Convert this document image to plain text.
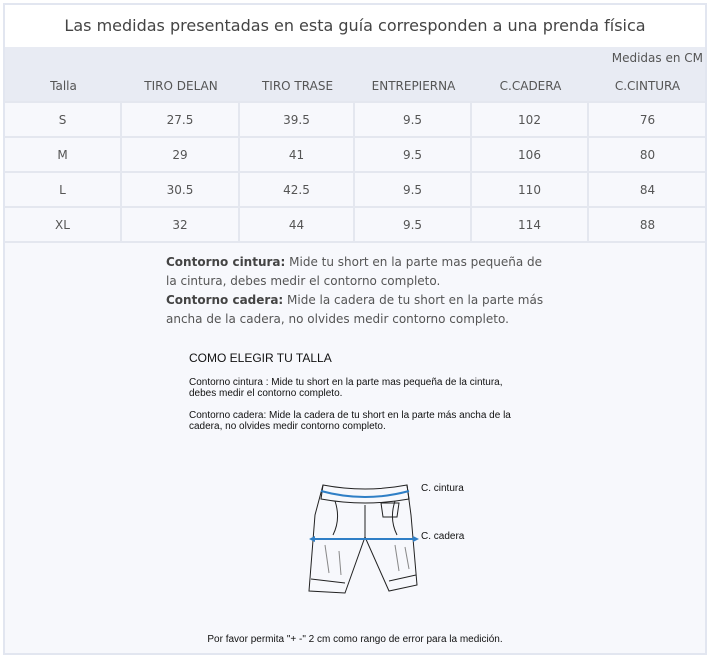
Las medidas presentadas en esta guía corresponden a una prenda física
Medidas en CM
Talla	TIRO DELAN	TIRO TRASE	ENTREPIERNA	C.CADERA	C.CINTURA
S	27.5	39.5	9.5	102	76
M	29	41	9.5	106	80
L	30.5	42.5	9.5	110	84
XL	32	44	9.5	114	88
Contorno cintura: Mide tu short en la parte mas pequeña de la cintura, debes medir el contorno completo.
Contorno cadera: Mide la cadera de tu short en la parte más ancha de la cadera, no olvides medir contorno completo.
COMO ELEGIR TU TALLA
Contorno cintura : Mide tu short en la parte mas pequeña de la cintura, debes medir el contorno completo.
Contorno cadera: Mide la cadera de tu short en la parte más ancha de la cadera, no olvides medir contorno completo.
C. cintura
C. cadera
Por favor permita "+ -" 2 cm como rango de error para la medición.
